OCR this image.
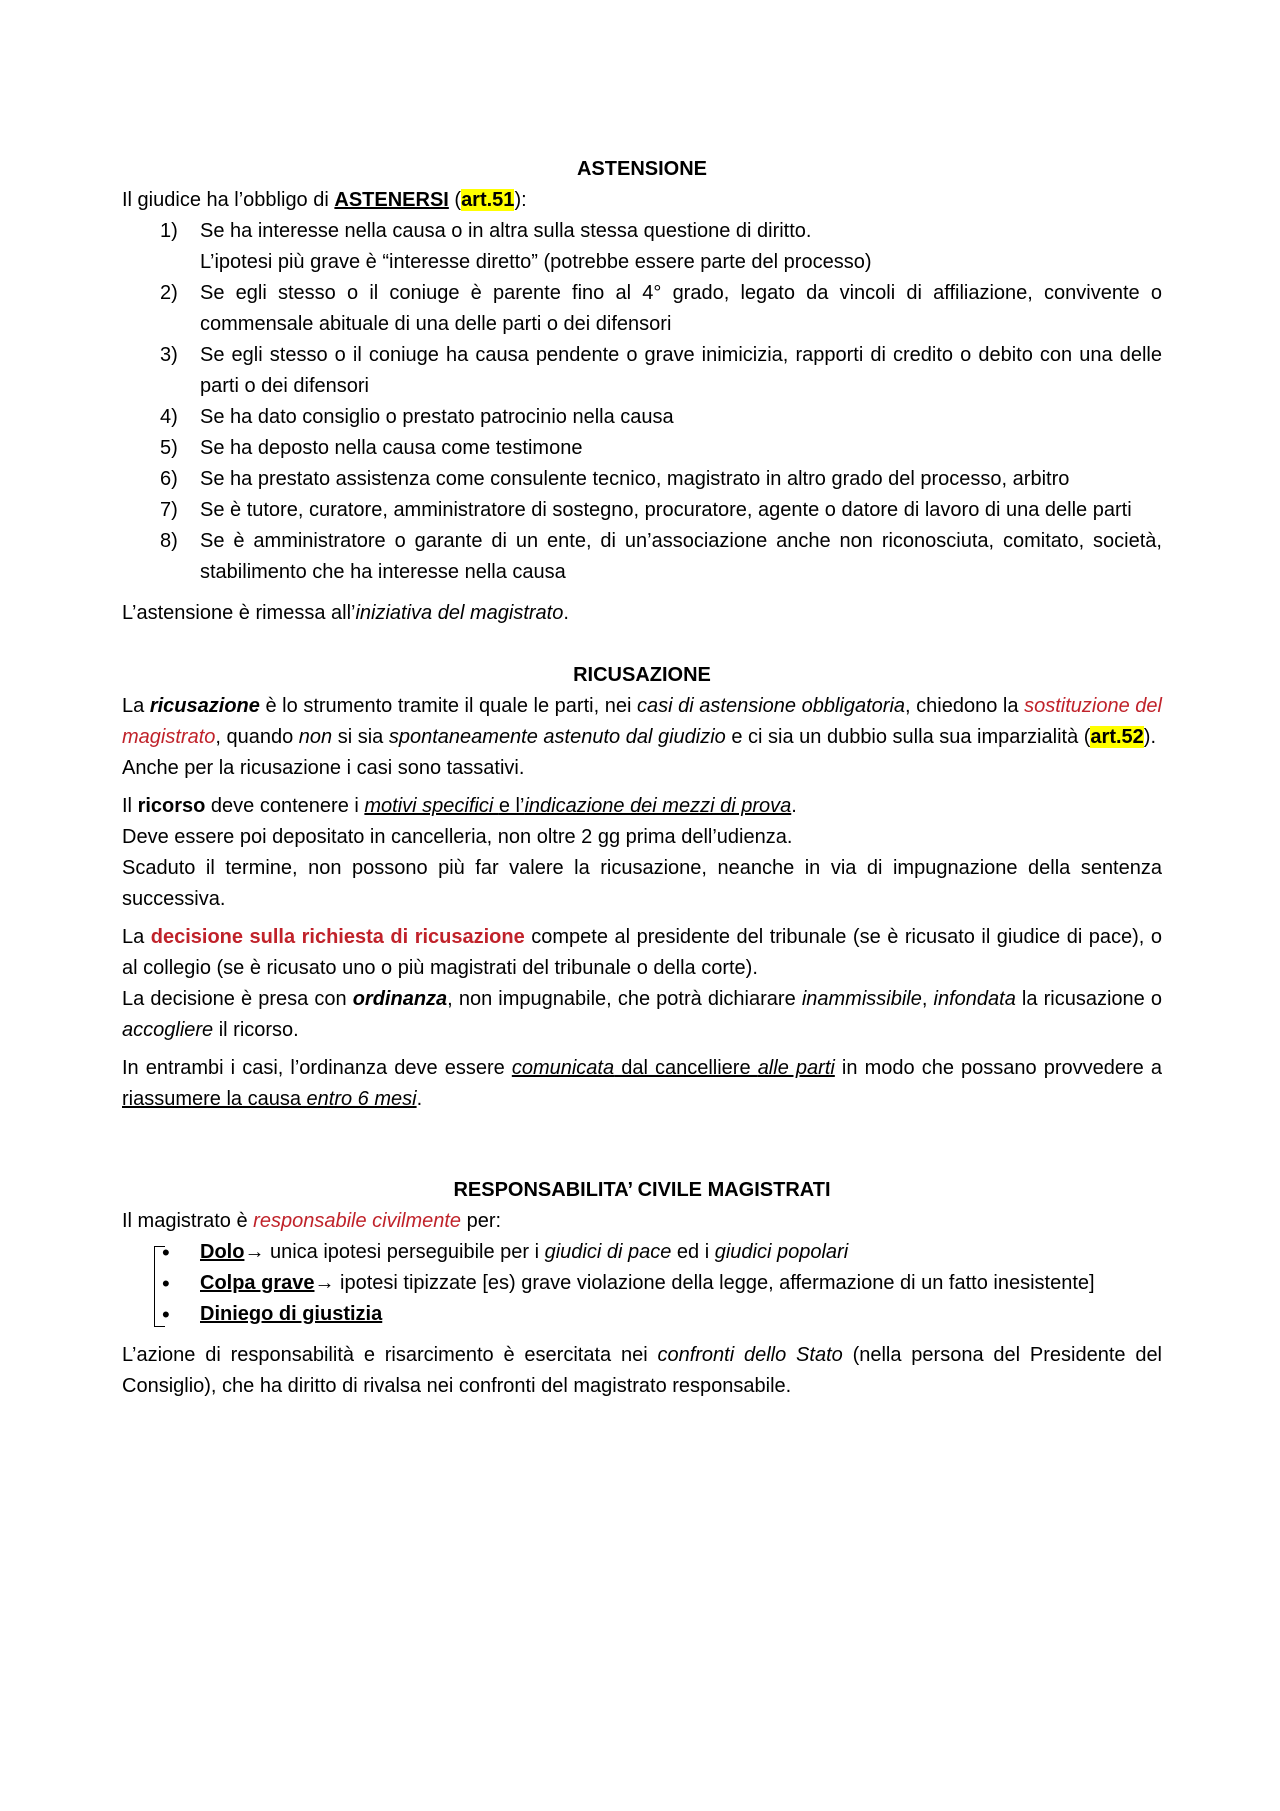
ASTENSIONE

Il giudice ha l’obbligo di ASTENERSI (art.51):

1) Se ha interesse nella causa o in altra sulla stessa questione di diritto.
L’ipotesi più grave è “interesse diretto” (potrebbe essere parte del processo)
2) Se egli stesso o il coniuge è parente fino al 4° grado, legato da vincoli di affiliazione, convivente o commensale abituale di una delle parti o dei difensori
3) Se egli stesso o il coniuge ha causa pendente o grave inimicizia, rapporti di credito o debito con una delle parti o dei difensori
4) Se ha dato consiglio o prestato patrocinio nella causa
5) Se ha deposto nella causa come testimone
6) Se ha prestato assistenza come consulente tecnico, magistrato in altro grado del processo, arbitro
7) Se è tutore, curatore, amministratore di sostegno, procuratore, agente o datore di lavoro di una delle parti
8) Se è amministratore o garante di un ente, di un’associazione anche non riconosciuta, comitato, società, stabilimento che ha interesse nella causa

L’astensione è rimessa all’iniziativa del magistrato.

RICUSAZIONE

La ricusazione è lo strumento tramite il quale le parti, nei casi di astensione obbligatoria, chiedono la sostituzione del magistrato, quando non si sia spontaneamente astenuto dal giudizio e ci sia un dubbio sulla sua imparzialità (art.52).

Anche per la ricusazione i casi sono tassativi.

Il ricorso deve contenere i motivi specifici e l’indicazione dei mezzi di prova.

Deve essere poi depositato in cancelleria, non oltre 2 gg prima dell’udienza.

Scaduto il termine, non possono più far valere la ricusazione, neanche in via di impugnazione della sentenza successiva.

La decisione sulla richiesta di ricusazione compete al presidente del tribunale (se è ricusato il giudice di pace), o al collegio (se è ricusato uno o più magistrati del tribunale o della corte).

La decisione è presa con ordinanza, non impugnabile, che potrà dichiarare inammissibile, infondata la ricusazione o accogliere il ricorso.

In entrambi i casi, l’ordinanza deve essere comunicata dal cancelliere alle parti in modo che possano provvedere a riassumere la causa entro 6 mesi.

RESPONSABILITA’ CIVILE MAGISTRATI

Il magistrato è responsabile civilmente per:

• Dolo→ unica ipotesi perseguibile per i giudici di pace ed i giudici popolari
• Colpa grave→ ipotesi tipizzate [es) grave violazione della legge, affermazione di un fatto inesistente]
• Diniego di giustizia

L’azione di responsabilità e risarcimento è esercitata nei confronti dello Stato (nella persona del Presidente del Consiglio), che ha diritto di rivalsa nei confronti del magistrato responsabile.
